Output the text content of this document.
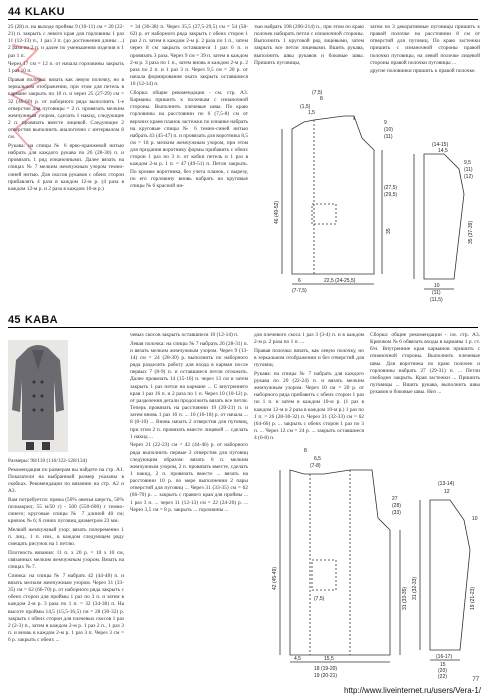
44 KLAKU

25 (28) п. на выходе проймы 9 (10-11) см = 20 (22-21) п. закрыть с левого края для горловины 1 раз 11 (12-13) п., 1 раз 3 п. (до достижения длины ...) 2 раза по 2 п. и далее по уменьшения изделия в 1 раз 1 п.

Через 17 см = 12 п. от начала горловины закрыть 1 раз 10 п.

Правая полочка: вязать как левую полочку, но в зеркальном отображении, при этом для петель в кармане закрыть по 10 п. и через 25 (27-29) см = 32 (46-60) р. от наборного ряда выполнить 1-е отверстие для пуговицы = 2 п. провязать мелким жемчужным узором, сделать 1 накид, следующие 2 п. провязать вместе лицевой. Следующие 2 отверстия выполнить аналогично с интервалом 8 см.

Рукава: на спицы № 6 ярко-оранжевой нитью набрать для каждого рукава по 26 (28-30) п. и провязать 1 ряд изнаночными. Далее вязать на спицах № 7 мелким жемчужным узором темно-синей нитью. Для скосов рукавов с обеих сторон прибавлять 4 раза в каждом 12-м р. (4 раза в каждом 12-м р. и 2 раза в каждом 10-м р.)

= 34 (36-38) п. Через 35,5 (27,5-29,5) см = 54 (58-62) р. от наборного ряда закрыть с обеих сторон 1 раз 2 п. затем в каждом 2-м р. 2 раза по 1 п., затем через 8 см закрыть оставшиеся 1 раз 6 п. и провязать 3 раза. Через 9 см = 39 п. затем в каждом 2-м р. 3 раза по 1 п., затем вновь в каждом 2-м р. 2 раза по 2 п. и 1 раз 3 п. Через 9,5 см = 20 р. от начала формирования оката закрыть оставшиеся 10 (12-14) п.

Сборка: общие рекомендации - см. стр. А3. Карманы пришить к полочкам с изнаночной стороны. Выполнить плечевые швы. По краю горловины на расстоянии по 6 (7,5-8) см от верхних краев планок застежки по изнанке набрать на круговые спицы № 6 темно-синей нитью набрать 43 (45-47) п. и провязать для воротника 8,5 см = 18 р. мелким жемчужным узором, при этом для придания воротнику формы прибавить с обеих сторон 1 раз по 3 п. от кобки петель и 1 раз в каждом 2-м р. 1 п. = 47 (49-51) п. Петли закрыть. По кромке воротника, без учета планок, с вырезу, по его горловину вновь набрать на круговые спицы № 6 красной ни-

тью набрать 198 (206-214) п., при этом по краю полочек набирать петли с изнаночной стороны. Выполнить 1 круговой ряд лицевыми, затем закрыть все петли лицевыми. Вшить рукава, выполнить швы рукавов и боковые швы. Пришить пуговицы,

затем по 3 декоративные пуговицы пришить к правой полочке на расстоянии 8 см от отверстий для пуговиц. По краю застежки пришить с изнаночной стороны правой полочки пуговицы, на левой полочке лицевой стороны правой полочки пуговицы ...

другие половинки пришить к правой полочке.

(7,5)
8
(1,5)
1,5
9
(10)
(11)
46 (49-52)
35
(27,5)
(29,5)
6
(7-7,5)
22,5 (24-25,5)
(14-15)
14,5
9,5
(11)
(12)
35 (37-39)
10
(11)
(11,5)
45 KABA

Размеры: 98/110 (116/122-128/134)

Рекомендация по размерам вы найдете на стр. А1. Показатели на выбранный размер указаны в скобках. Рекомендации по вязанию на стр. А2 и А3.

Вам потребуется: пряжа (50% овечья шерсть, 50% полиакрил; 55 м/50 г) - 500 (550-600) г темно-синего; круговые спицы № 7 длиной 40 см; крючок № 6; 6 синих пуговиц диаметром 23 мм.

Мелкий жемчужный узор: вязать попеременно 1 п. лиц., 1 п. изн., в каждом следующем ряду смещать рисунок на 1 петлю.

Плотность вязания: 11 п. х 20 р. = 10 х 10 см, связанных мелким жемчужным узором. Вязать на спицах № 7.

Спинка: на спицы № 7 набрать 42 (44-48) п. и вязать мелким жемчужным узором. Через 31 (33-35) см = 62 (66-70) р. от наборного ряда закрыть с обеих сторон для проймы 1 раз по 3 п. и затем в каждом 2-м р. 3 раза по 1 п. = 32 (34-38) п. На высоте проймы 14,5 (15,5-16,5) см = 28 (30-32) р. закрыть с обеих сторон для плечевых скосов 1 раз 2 (2-3) п., затем в каждом 2-м р. 1 раз 2 п., 1 раз 3 п. и вновь в каждом 2-м р. 1 раз 3 п. Через 3 см = 6 р. закрыть с обеих ...

чевых скосов закрыть оставшиеся 10 (12-14) п.

Левая полочка: на спицы № 7 набрать 26 (28-31) п. и вязать мелким жемчужным узором. Через 9 (13-14) см = 24 (28-30) р. выполнить по наборного ряда разделить работу для входа в карман после первых 7 (8-9) п. и оставшиеся петли отложить. Далее провязать 14 (15-16) п. через 13 см и затем закрыть 1 раз петли на кармане ... С внутреннего края 1 раз 16 п. и 2 раза по 1 п. Через 10 (10-12) р. от разделения детали продолжить вязать все петли. Теперь провязать на расстоянии 19 (20-21) п. и затем вновь 1 раз 16 п. ... 16 (16-18) р. от начала ... 8 (8-10) ... Вновь начать 2 отверстия для пуговиц, при этом 2 п. провязать вместе лицевой ... сделать 1 накид ...

Через 21 (22-23) см = 42 (44-46) р. от наборного ряда выполнить первые 2 отверстия для пуговиц следующим образом: вязать 6 п. мелким жемчужным узором, 2 п. провязать вместе, сделать 1 накид, 2 п. провязать вместе ... вязать на расстоянии 10 р. по мере выполнения 2 пары отверстий для пуговиц ... Через 31 (33-35) см = 62 (66-70) р. ... закрыть с правого края для проймы ... 1 раз 3 п. ... через 11 (12-13) см = 22 (24-26) р. ... Через 3,5 см = 8 р. закрыть ... горловины ...

для плечевого скоса 1 раз 3 (3-4) п. и в каждом 2-м р. 2 раза по 1 п. ...

Правая полочка: вязать, как левую полочку, но в зеркальном отображении и без отверстий для пуговиц.

Рукава: на спицы № 7 набрать для каждого рукава по 20 (22-24) п. и вязать мелким жемчужным узором. Через 10 см = 20 р. от наборного ряда прибавить с обеих сторон 1 раз по 1 п. и затем в каждом 10-м р. (1 раз в каждом 12-м и 2 раза в каждом 10-м р.) 1 раз по 1 п. = 26 (28-30-32) п. Через 31 (32-33) см = 62 (64-66) р. ... закрыть с обеих сторон 1 раз по 3 п. ... Через 12 см = 24 р. ... закрыть оставшиеся 4 (6-8) п.

Сборка: общие рекомендации - см. стр. А3. Крючком № 6 обвязать входы в карманы 1 р. ст. б/н. Внутренние края карманов пришить с изнаночной стороны. Выполнить плечевые швы. Для воротника по краю полочек и горловины набрать 27 (29-31) п. ... Петли свободно закрыть. Края застежки ... Пришить пуговицы ... Вшить рукава, выполнить швы рукавов и боковые швы. Низ ...

8
6,5
(7-8)
42 (45-49)
31 (33-35)
27
(28)
(33)
(7,5)
4,5	15,5
18 (19-20)
19 (20-21)
(13-14)
12
31 (32-33)	19 (21-23)
10
(16-17)
15
(20)
(22)	77
http://www.liveinternet.ru/users/Vera-1/
